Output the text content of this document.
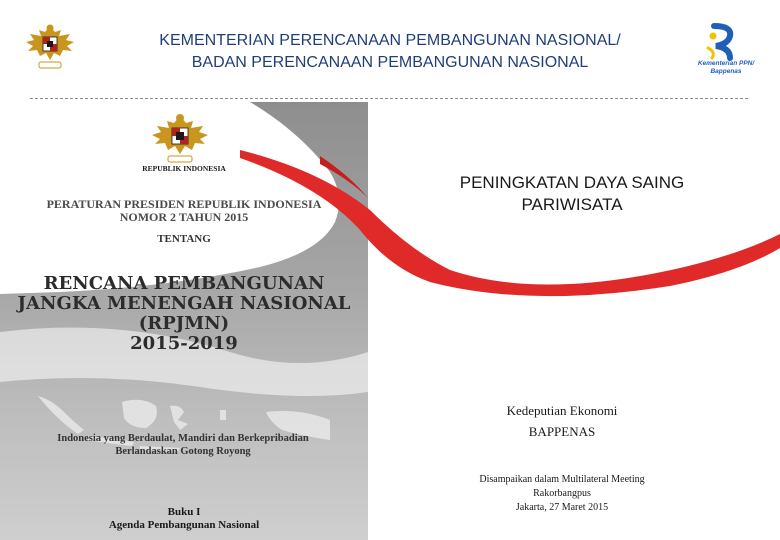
KEMENTERIAN PERENCANAAN PEMBANGUNAN NASIONAL/
BADAN PERENCANAAN PEMBANGUNAN NASIONAL	Kementerian PPN/
Bappenas
REPUBLIK INDONESIA
PERATURAN PRESIDEN REPUBLIK INDONESIA
NOMOR 2 TAHUN 2015
TENTANG
RENCANA PEMBANGUNAN
JANGKA MENENGAH NASIONAL
(RPJMN)
2015-2019
Indonesia yang Berdaulat, Mandiri dan Berkepribadian
Berlandaskan Gotong Royong
Buku I
Agenda Pembangunan Nasional
PENINGKATAN DAYA SAING
PARIWISATA
Kedeputian Ekonomi
BAPPENAS
Disampaikan dalam Multilateral Meeting
Rakorbangpus
Jakarta, 27 Maret 2015
